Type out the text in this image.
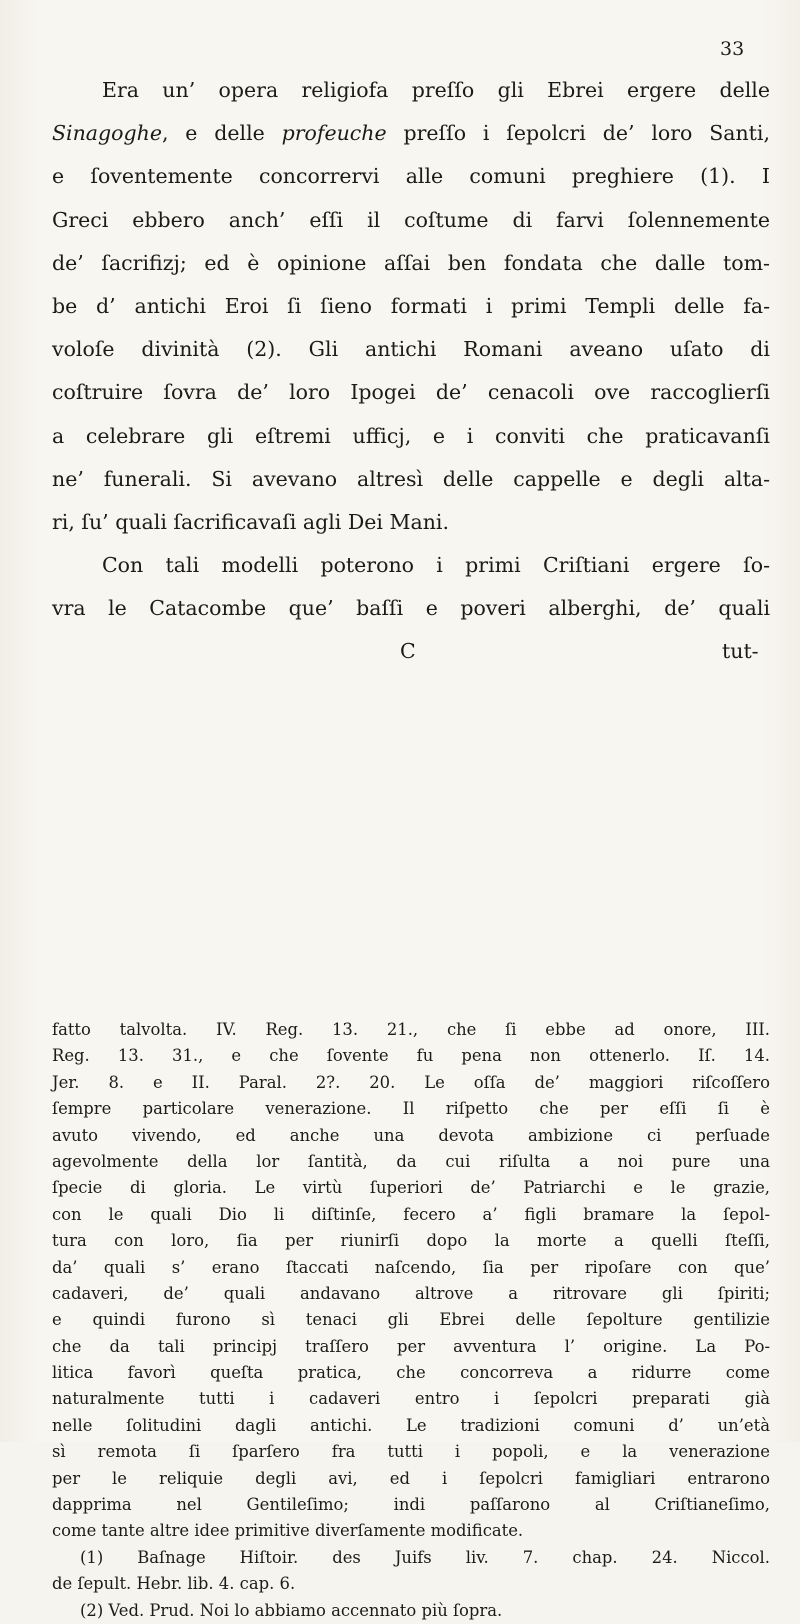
33
Era un’ opera religiofa preſſo gli Ebrei ergere delle
Sinagoghe, e delle profeuche preſſo i ſepolcri de’ loro Santi,
e ſoventemente concorrervi alle comuni preghiere (1). I
Greci ebbero anch’ eſſi il coſtume di farvi ſolennemente
de’ ſacrifizj; ed è opinione aſſai ben fondata che dalle tom-
be d’ antichi Eroi ſi ſieno formati i primi Templi delle fa-
voloſe divinità (2). Gli antichi Romani aveano uſato di
coſtruire ſovra de’ loro Ipogei de’ cenacoli ove raccoglierſi
a celebrare gli eſtremi ufficj, e i conviti che praticavanſi
ne’ funerali. Si avevano altresì delle cappelle e degli alta-
ri, ſu’ quali ſacrificavaſi agli Dei Mani.
Con tali modelli poterono i primi Criſtiani ergere ſo-
vra le Catacombe que’ baſſi e poveri alberghi, de’ quali
C	tut-
fatto talvolta. IV. Reg. 13. 21., che ſi ebbe ad onore, III.
Reg. 13. 31., e che ſovente fu pena non ottenerlo. Iſ. 14.
Jer. 8. e II. Paral. 2?. 20. Le oſſa de’ maggiori riſcoſſero
ſempre particolare venerazione. Il riſpetto che per eſſi ſi è
avuto vivendo, ed anche una devota ambizione ci perſuade
agevolmente della lor ſantità, da cui riſulta a noi pure una
ſpecie di gloria. Le virtù ſuperiori de’ Patriarchi e le grazie,
con le quali Dio li diſtinſe, fecero a’ figli bramare la ſepol-
tura con loro, ſia per riunirſi dopo la morte a quelli ſteſſi,
da’ quali s’ erano ſtaccati naſcendo, ſia per ripoſare con que’
cadaveri, de’ quali andavano altrove a ritrovare gli ſpiriti;
e quindi furono sì tenaci gli Ebrei delle ſepolture gentilizie
che da tali principj traſſero per avventura l’ origine. La Po-
litica favorì queſta pratica, che concorreva a ridurre come
naturalmente tutti i cadaveri entro i ſepolcri preparati già
nelle ſolitudini dagli antichi. Le tradizioni comuni d’ un’età
sì remota ſi ſparſero fra tutti i popoli, e la venerazione
per le reliquie degli avi, ed i ſepolcri famigliari entrarono
dapprima nel Gentileſimo; indi paſſarono al Criſtianeſimo,
come tante altre idee primitive diverſamente modificate.
(1) Baſnage Hiſtoir. des Juifs liv. 7. chap. 24. Niccol.
de ſepult. Hebr. lib. 4. cap. 6.
(2) Ved. Prud. Noi lo abbiamo accennato più ſopra.
